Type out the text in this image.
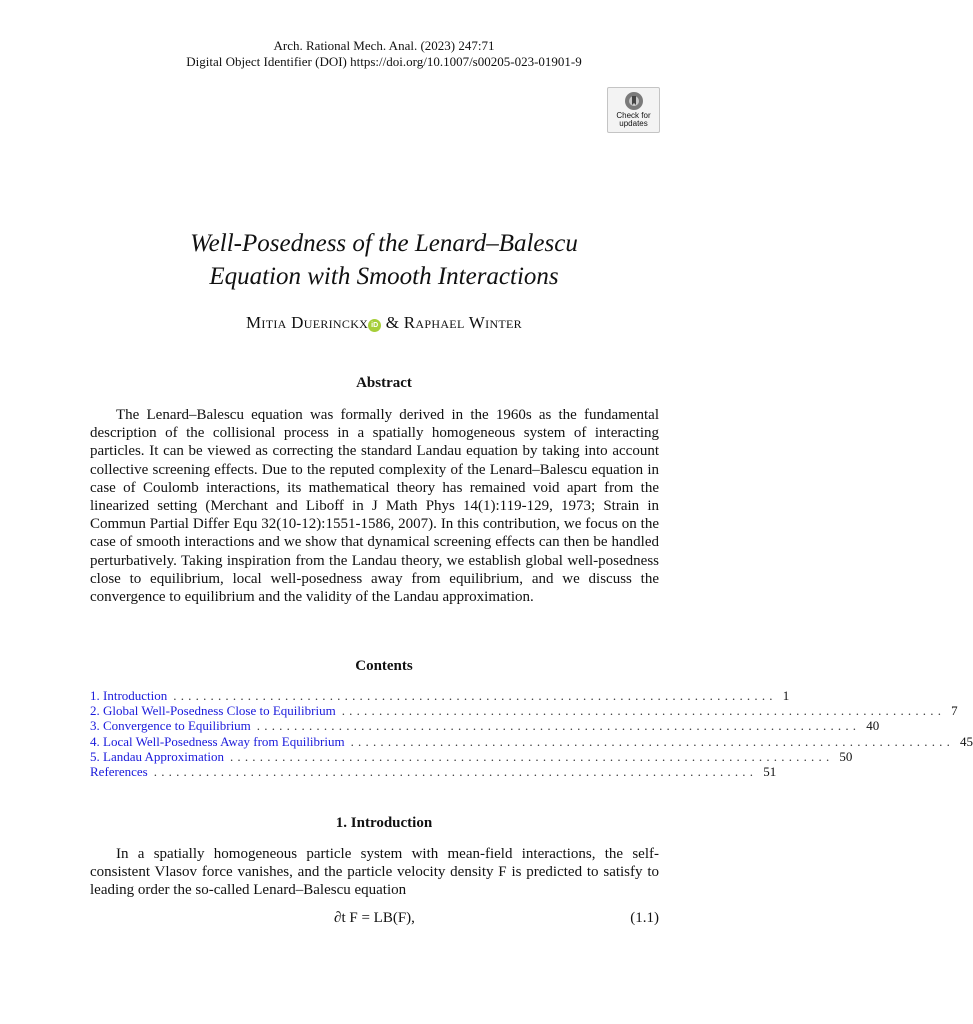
Arch. Rational Mech. Anal. (2023) 247:71
Digital Object Identifier (DOI) https://doi.org/10.1007/s00205-023-01901-9
Check for
updates
Well-Posedness of the Lenard–Balescu
Equation with Smooth Interactions
Mitia Duerinckx iD & Raphael Winter
Abstract
The Lenard–Balescu equation was formally derived in the 1960s as the fundamental description of the collisional process in a spatially homogeneous system of interacting particles. It can be viewed as correcting the standard Landau equation by taking into account collective screening effects. Due to the reputed complexity of the Lenard–Balescu equation in case of Coulomb interactions, its mathematical theory has remained void apart from the linearized setting (Merchant and Liboff in J Math Phys 14(1):119-129, 1973; Strain in Commun Partial Differ Equ 32(10-12):1551-1586, 2007). In this contribution, we focus on the case of smooth interactions and we show that dynamical screening effects can then be handled perturbatively. Taking inspiration from the Landau theory, we establish global well-posedness close to equilibrium, local well-posedness away from equilibrium, and we discuss the convergence to equilibrium and the validity of the Landau approximation.
Contents
1. Introduction ................................................................................. 1
2. Global Well-Posedness Close to Equilibrium ................................................................................. 7
3. Convergence to Equilibrium ................................................................................. 40
4. Local Well-Posedness Away from Equilibrium ................................................................................. 45
5. Landau Approximation ................................................................................. 50
References ................................................................................. 51
1. Introduction
In a spatially homogeneous particle system with mean-field interactions, the self-consistent Vlasov force vanishes, and the particle velocity density F is predicted to satisfy to leading order the so-called Lenard–Balescu equation
∂t F = LB(F),	(1.1)
